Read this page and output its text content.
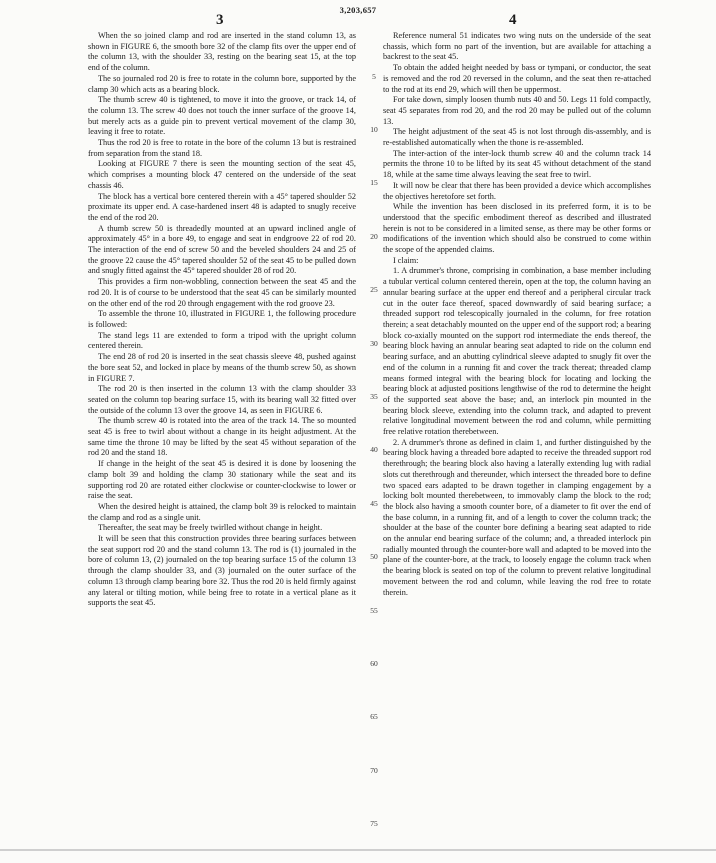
3,203,657
3	4

When the so joined clamp and rod are inserted in the stand column 13, as shown in FIGURE 6, the smooth bore 32 of the clamp fits over the upper end of the column 13, with the shoulder 33, resting on the bearing seat 15, at the top end of the column.

The so journaled rod 20 is free to rotate in the column bore, supported by the clamp 30 which acts as a bearing block.

The thumb screw 40 is tightened, to move it into the groove, or track 14, of the column 13. The screw 40 does not touch the inner surface of the groove 14, but merely acts as a guide pin to prevent vertical movement of the clamp 30, leaving it free to rotate.

Thus the rod 20 is free to rotate in the bore of the column 13 but is restrained from separation from the stand 18.

Looking at FIGURE 7 there is seen the mounting section of the seat 45, which comprises a mounting block 47 centered on the underside of the seat chassis 46.

The block has a vertical bore centered therein with a 45° tapered shoulder 52 proximate its upper end. A case-hardened insert 48 is adapted to snugly receive the end of the rod 20.

A thumb screw 50 is threadedly mounted at an upward inclined angle of approximately 45° in a bore 49, to engage and seat in endgroove 22 of rod 20. The interaction of the end of screw 50 and the beveled shoulders 24 and 25 of the groove 22 cause the 45° tapered shoulder 52 of the seat 45 to be pulled down and snugly fitted against the 45° tapered shoulder 28 of rod 20.

This provides a firm non-wobbling, connection between the seat 45 and the rod 20. It is of course to be understood that the seat 45 can be similarly mounted on the other end of the rod 20 through engagement with the rod groove 23.

To assemble the throne 10, illustrated in FIGURE 1, the following procedure is followed:

The stand legs 11 are extended to form a tripod with the upright column centered therein.

The end 28 of rod 20 is inserted in the seat chassis sleeve 48, pushed against the bore seat 52, and locked in place by means of the thumb screw 50, as shown in FIGURE 7.

The rod 20 is then inserted in the column 13 with the clamp shoulder 33 seated on the column top bearing surface 15, with its bearing wall 32 fitted over the outside of the column 13 over the groove 14, as seen in FIGURE 6.

The thumb screw 40 is rotated into the area of the track 14. The so mounted seat 45 is free to twirl about without a change in its height adjustment. At the same time the throne 10 may be lifted by the seat 45 without separation of the rod 20 and the stand 18.

If change in the height of the seat 45 is desired it is done by loosening the clamp bolt 39 and holding the clamp 30 stationary while the seat and its supporting rod 20 are rotated either clockwise or counter-clockwise to lower or raise the seat.

When the desired height is attained, the clamp bolt 39 is relocked to maintain the clamp and rod as a single unit.

Thereafter, the seat may be freely twirlled without change in height.

It will be seen that this construction provides three bearing surfaces between the seat support rod 20 and the stand column 13. The rod is (1) journaled in the bore of column 13, (2) journaled on the top bearing surface 15 of the column 13 through the clamp shoulder 33, and (3) journaled on the outer surface of the column 13 through clamp bearing bore 32. Thus the rod 20 is held firmly against any lateral or tilting motion, while being free to rotate in a vertical plane as it supports the seat 45.

5
10
15
20
25
30
35
40
45
50
55
60
65
70
75

Reference numeral 51 indicates two wing nuts on the underside of the seat chassis, which form no part of the invention, but are available for attaching a backrest to the seat 45.

To obtain the added height needed by bass or tympani, or conductor, the seat is removed and the rod 20 reversed in the column, and the seat then re-attached to the rod at its end 29, which will then be uppermost.

For take down, simply loosen thumb nuts 40 and 50. Legs 11 fold compactly, seat 45 separates from rod 20, and the rod 20 may be pulled out of the column 13.

The height adjustment of the seat 45 is not lost through dis-assembly, and is re-established automatically when the thone is re-assembled.

The inter-action of the inter-lock thumb screw 40 and the column track 14 permits the throne 10 to be lifted by its seat 45 without detachment of the stand 18, while at the same time always leaving the seat free to twirl.

It will now be clear that there has been provided a device which accomplishes the objectives heretofore set forth.

While the invention has been disclosed in its preferred form, it is to be understood that the specific embodiment thereof as described and illustrated herein is not to be considered in a limited sense, as there may be other forms or modifications of the invention which should also be construed to come within the scope of the appended claims.

I claim:

1. A drummer's throne, comprising in combination, a base member including a tubular vertical column centered therein, open at the top, the column having an annular bearing surface at the upper end thereof and a peripheral circular track cut in the outer face thereof, spaced downwardly of said bearing surface; a threaded support rod telescopically journaled in the column, for free rotation therein; a seat detachably mounted on the upper end of the support rod; a bearing block co-axially mounted on the support rod intermediate the ends thereof, the bearing block having an annular bearing seat adapted to ride on the column end bearing surface, and an abutting cylindrical sleeve adapted to snugly fit over the end of the column in a running fit and cover the track thereat; threaded clamp means formed integral with the bearing block for locating and locking the bearing block at adjusted positions lengthwise of the rod to determine the height of the supported seat above the base; and, an interlock pin mounted in the bearing block sleeve, extending into the column track, and adapted to prevent relative longitudinal movement between the rod and column, while permitting free relative rotation therebetween.

2. A drummer's throne as defined in claim 1, and further distinguished by the bearing block having a threaded bore adapted to receive the threaded support rod therethrough; the bearing block also having a laterally extending lug with radial slots cut therethrough and thereunder, which intersect the threaded bore to define two spaced ears adapted to be drawn together in clamping engagement by a locking bolt mounted therebetween, to immovably clamp the block to the rod; the block also having a smooth counter bore, of a diameter to fit over the end of the base column, in a running fit, and of a length to cover the column track; the shoulder at the base of the counter bore defining a bearing seat adapted to ride on the annular end bearing surface of the column; and, a threaded interlock pin radially mounted through the counter-bore wall and adapted to be moved into the plane of the counter-bore, at the track, to loosely engage the column track when the bearing block is seated on top of the column to prevent relative longitudinal movement between the rod and column, while leaving the rod free to rotate therein.
